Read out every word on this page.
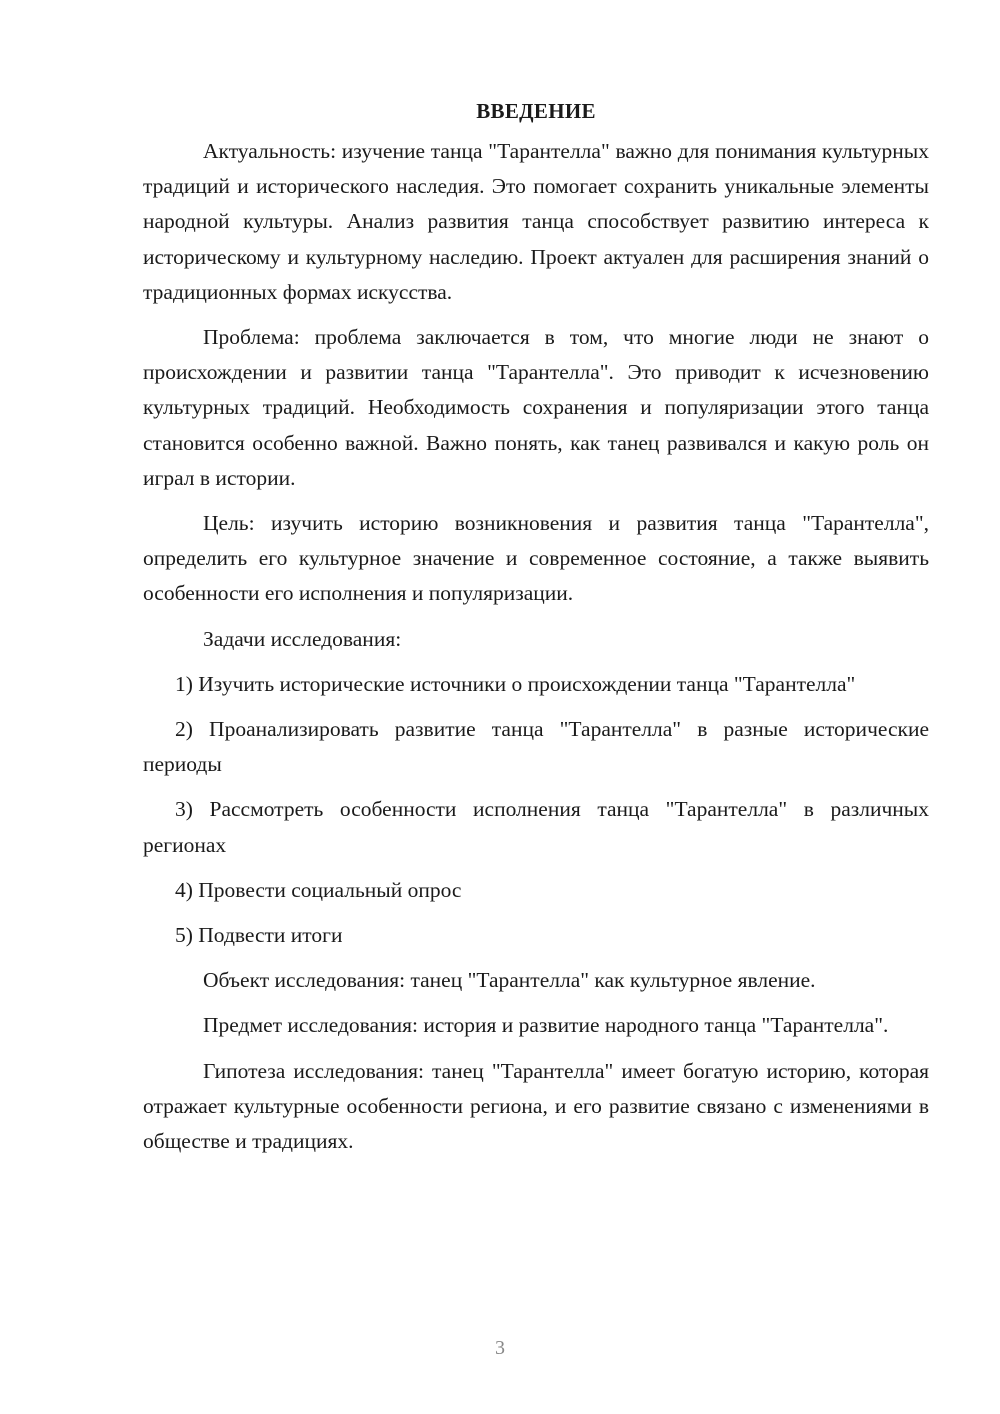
ВВЕДЕНИЕ

Актуальность: изучение танца "Тарантелла" важно для понимания культурных традиций и исторического наследия. Это помогает сохранить уникальные элементы народной культуры. Анализ развития танца способствует развитию интереса к историческому и культурному наследию. Проект актуален для расширения знаний о традиционных формах искусства.

Проблема: проблема заключается в том, что многие люди не знают о происхождении и развитии танца "Тарантелла". Это приводит к исчезновению культурных традиций. Необходимость сохранения и популяризации этого танца становится особенно важной. Важно понять, как танец развивался и какую роль он играл в истории.

Цель: изучить историю возникновения и развития танца "Тарантелла", определить его культурное значение и современное состояние, а также выявить особенности его исполнения и популяризации.

Задачи исследования:

1) Изучить исторические источники о происхождении танца "Тарантелла"

2) Проанализировать развитие танца "Тарантелла" в разные исторические периоды

3) Рассмотреть особенности исполнения танца "Тарантелла" в различных регионах

4) Провести социальный опрос

5) Подвести итоги

Объект исследования: танец "Тарантелла" как культурное явление.

Предмет исследования: история и развитие народного танца "Тарантелла".

Гипотеза исследования: танец "Тарантелла" имеет богатую историю, которая отражает культурные особенности региона, и его развитие связано с изменениями в обществе и традициях.

3
